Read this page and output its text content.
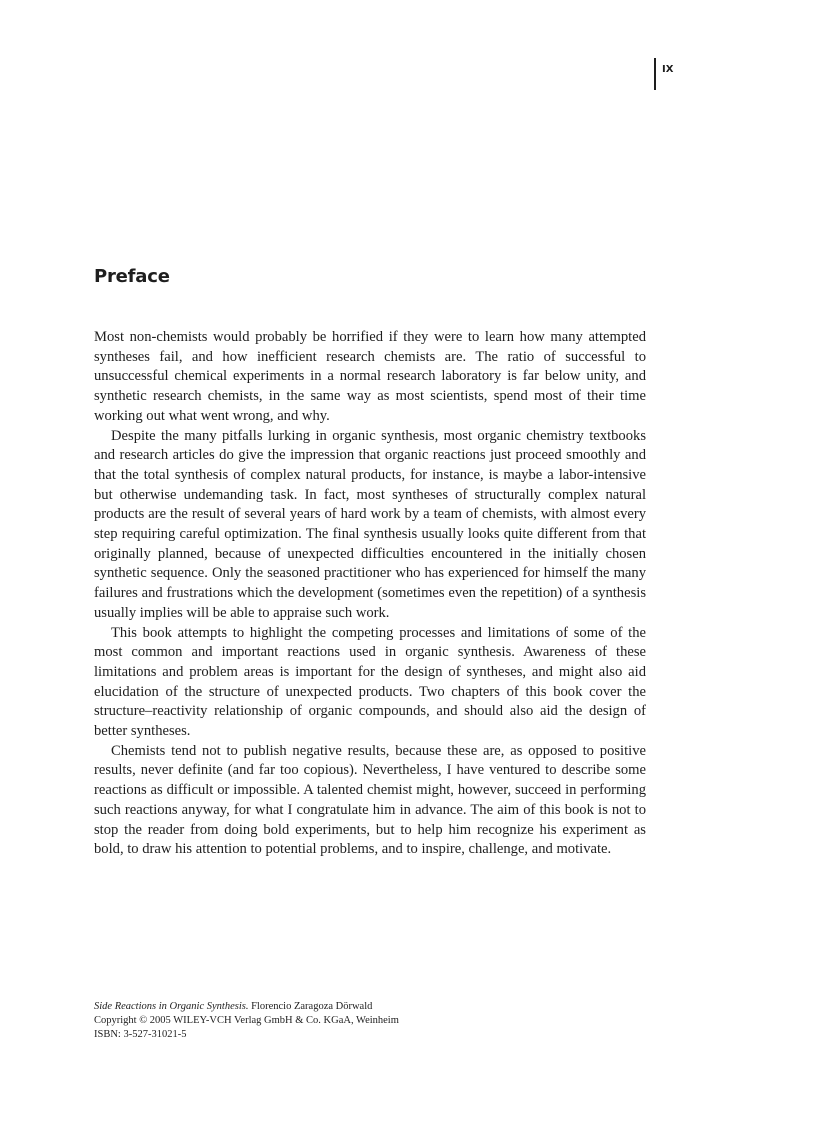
IX
Preface

Most non-chemists would probably be horrified if they were to learn how many attempted syntheses fail, and how inefficient research chemists are. The ratio of successful to unsuccessful chemical experiments in a normal research laboratory is far below unity, and synthetic research chemists, in the same way as most scientists, spend most of their time working out what went wrong, and why.

Despite the many pitfalls lurking in organic synthesis, most organic chemistry textbooks and research articles do give the impression that organic reactions just proceed smoothly and that the total synthesis of complex natural products, for instance, is maybe a labor-intensive but otherwise undemanding task. In fact, most syntheses of structurally complex natural products are the result of several years of hard work by a team of chemists, with almost every step requiring careful optimization. The final synthesis usually looks quite different from that originally planned, because of unexpected difficulties encountered in the initially chosen synthetic sequence. Only the seasoned practitioner who has experienced for himself the many failures and frustrations which the development (sometimes even the repetition) of a synthesis usually implies will be able to appraise such work.

This book attempts to highlight the competing processes and limitations of some of the most common and important reactions used in organic synthesis. Awareness of these limitations and problem areas is important for the design of syntheses, and might also aid elucidation of the structure of unexpected products. Two chapters of this book cover the structure–reactivity relationship of organic compounds, and should also aid the design of better syntheses.

Chemists tend not to publish negative results, because these are, as opposed to positive results, never definite (and far too copious). Nevertheless, I have ventured to describe some reactions as difficult or impossible. A talented chemist might, however, succeed in performing such reactions anyway, for what I congratulate him in advance. The aim of this book is not to stop the reader from doing bold experiments, but to help him recognize his experiment as bold, to draw his attention to potential problems, and to inspire, challenge, and motivate.

Side Reactions in Organic Synthesis. Florencio Zaragoza Dörwald
Copyright © 2005 WILEY-VCH Verlag GmbH & Co. KGaA, Weinheim
ISBN: 3-527-31021-5
